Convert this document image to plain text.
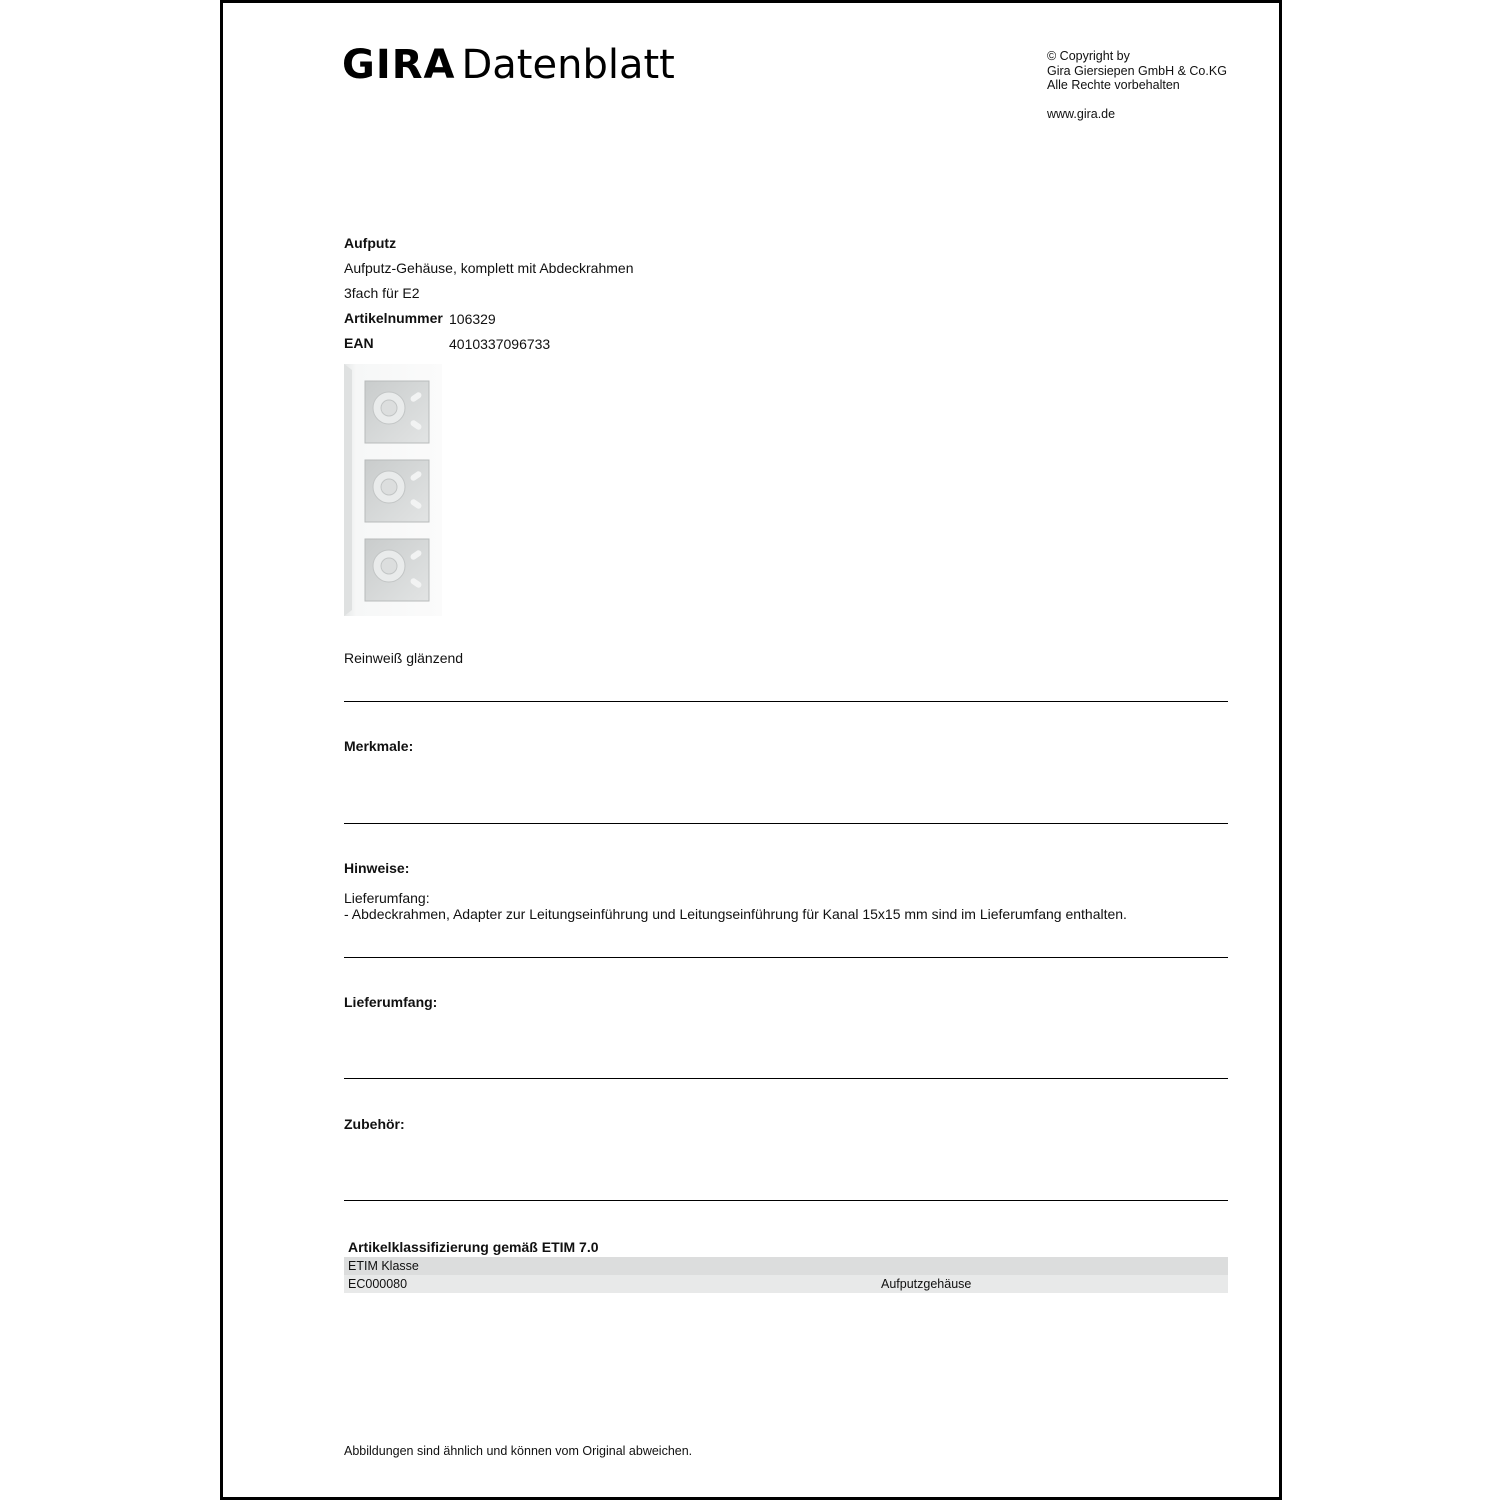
GIRA Datenblatt	© Copyright by
Gira Giersiepen GmbH & Co.KG
Alle Rechte vorbehalten
www.gira.de
Aufputz
Aufputz-Gehäuse, komplett mit Abdeckrahmen
3fach für E2
Artikelnummer 106329
EAN	4010337096733
Reinweiß glänzend
Merkmale:
Hinweise:
Lieferumfang:
- Abdeckrahmen, Adapter zur Leitungseinführung und Leitungseinführung für Kanal 15x15 mm sind im Lieferumfang enthalten.
Lieferumfang:
Zubehör:
Artikelklassifizierung gemäß ETIM 7.0
ETIM Klasse
EC000080	Aufputzgehäuse
Abbildungen sind ähnlich und können vom Original abweichen.
